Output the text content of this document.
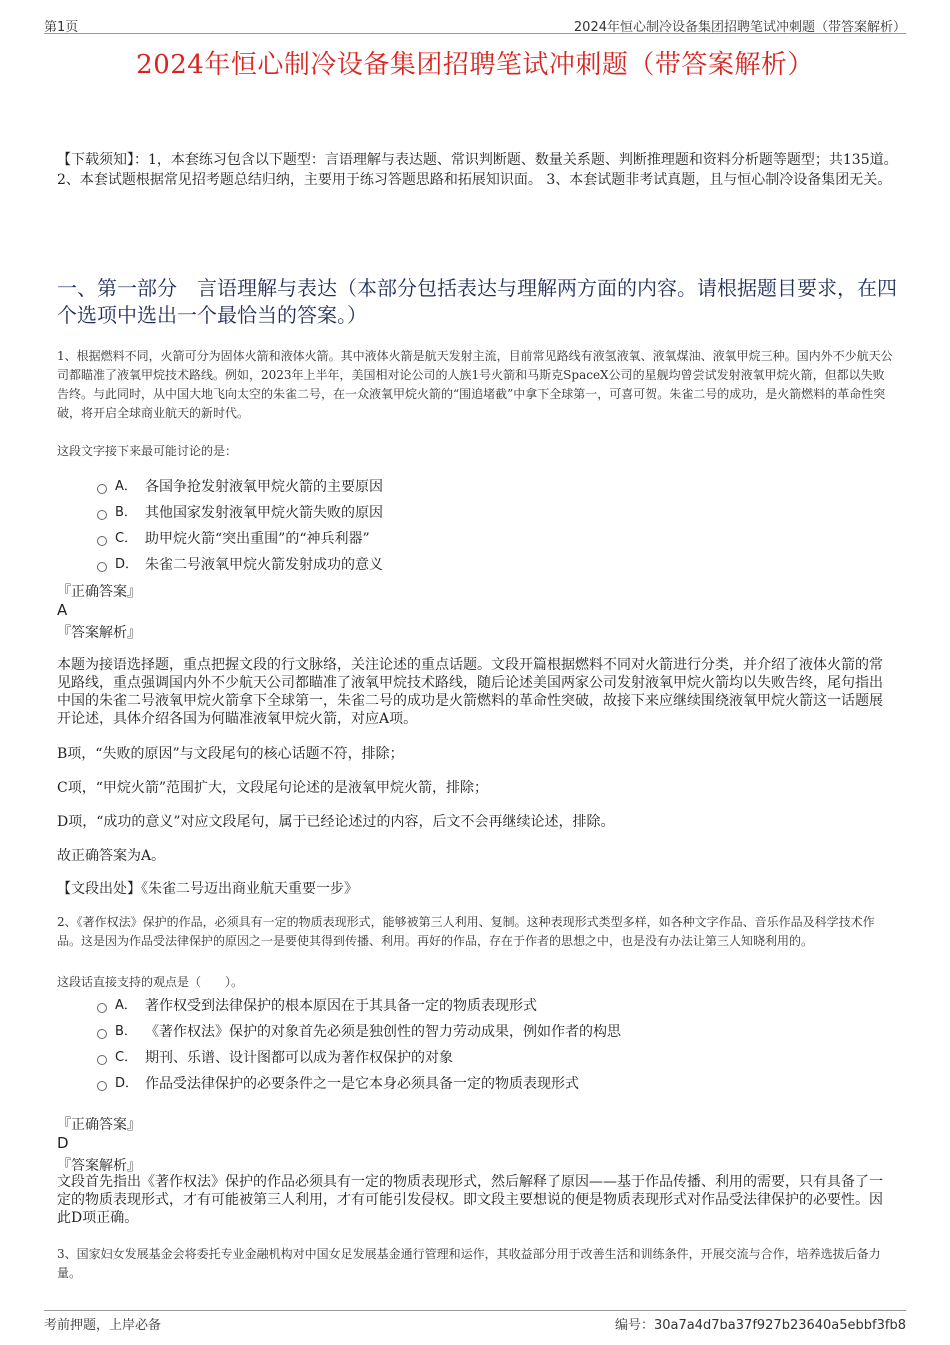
第1页	2024年恒心制冷设备集团招聘笔试冲刺题（带答案解析）
2024年恒心制冷设备集团招聘笔试冲刺题（带答案解析）
【下载须知】：1，本套练习包含以下题型：言语理解与表达题、常识判断题、数量关系题、判断推理题和资料分析题等题型；共135道。 2、本套试题根据常见招考题总结归纳，主要用于练习答题思路和拓展知识面。 3、本套试题非考试真题，且与恒心制冷设备集团无关。
一、第一部分　言语理解与表达（本部分包括表达与理解两方面的内容。请根据题目要求，在四个选项中选出一个最恰当的答案。）
1、根据燃料不同，火箭可分为固体火箭和液体火箭。其中液体火箭是航天发射主流，目前常见路线有液氢液氧、液氧煤油、液氧甲烷三种。国内外不少航天公司都瞄准了液氧甲烷技术路线。例如，2023年上半年，美国相对论公司的人族1号火箭和马斯克SpaceX公司的星舰均曾尝试发射液氧甲烷火箭，但都以失败告终。与此同时，从中国大地飞向太空的朱雀二号，在一众液氧甲烷火箭的“围追堵截”中拿下全球第一，可喜可贺。朱雀二号的成功，是火箭燃料的革命性突破，将开启全球商业航天的新时代。
这段文字接下来最可能讨论的是：
A． 各国争抢发射液氧甲烷火箭的主要原因
B． 其他国家发射液氧甲烷火箭失败的原因
C． 助甲烷火箭“突出重围”的“神兵利器”
D． 朱雀二号液氧甲烷火箭发射成功的意义
『正确答案』
A
『答案解析』
本题为接语选择题，重点把握文段的行文脉络，关注论述的重点话题。文段开篇根据燃料不同对火箭进行分类，并介绍了液体火箭的常见路线，重点强调国内外不少航天公司都瞄准了液氧甲烷技术路线，随后论述美国两家公司发射液氧甲烷火箭均以失败告终，尾句指出中国的朱雀二号液氧甲烷火箭拿下全球第一，朱雀二号的成功是火箭燃料的革命性突破，故接下来应继续围绕液氧甲烷火箭这一话题展开论述，具体介绍各国为何瞄准液氧甲烷火箭，对应A项。
B项，“失败的原因”与文段尾句的核心话题不符，排除；
C项，“甲烷火箭”范围扩大，文段尾句论述的是液氧甲烷火箭，排除；
D项，“成功的意义”对应文段尾句，属于已经论述过的内容，后文不会再继续论述，排除。
故正确答案为A。
【文段出处】《朱雀二号迈出商业航天重要一步》
2、《著作权法》保护的作品，必须具有一定的物质表现形式，能够被第三人利用、复制。这种表现形式类型多样，如各种文字作品、音乐作品及科学技术作品。这是因为作品受法律保护的原因之一是要使其得到传播、利用。再好的作品，存在于作者的思想之中，也是没有办法让第三人知晓利用的。
这段话直接支持的观点是（　　）。
A． 著作权受到法律保护的根本原因在于其具备一定的物质表现形式
B． 《著作权法》保护的对象首先必须是独创性的智力劳动成果，例如作者的构思
C． 期刊、乐谱、设计图都可以成为著作权保护的对象
D． 作品受法律保护的必要条件之一是它本身必须具备一定的物质表现形式
『正确答案』
D
『答案解析』
文段首先指出《著作权法》保护的作品必须具有一定的物质表现形式，然后解释了原因——基于作品传播、利用的需要，只有具备了一定的物质表现形式，才有可能被第三人利用，才有可能引发侵权。即文段主要想说的便是物质表现形式对作品受法律保护的必要性。因此D项正确。
3、国家妇女发展基金会将委托专业金融机构对中国女足发展基金通行管理和运作，其收益部分用于改善生活和训练条件，开展交流与合作，培养选拔后备力量。
考前押题，上岸必备	编号：30a7a4d7ba37f927b23640a5ebbf3fb8
